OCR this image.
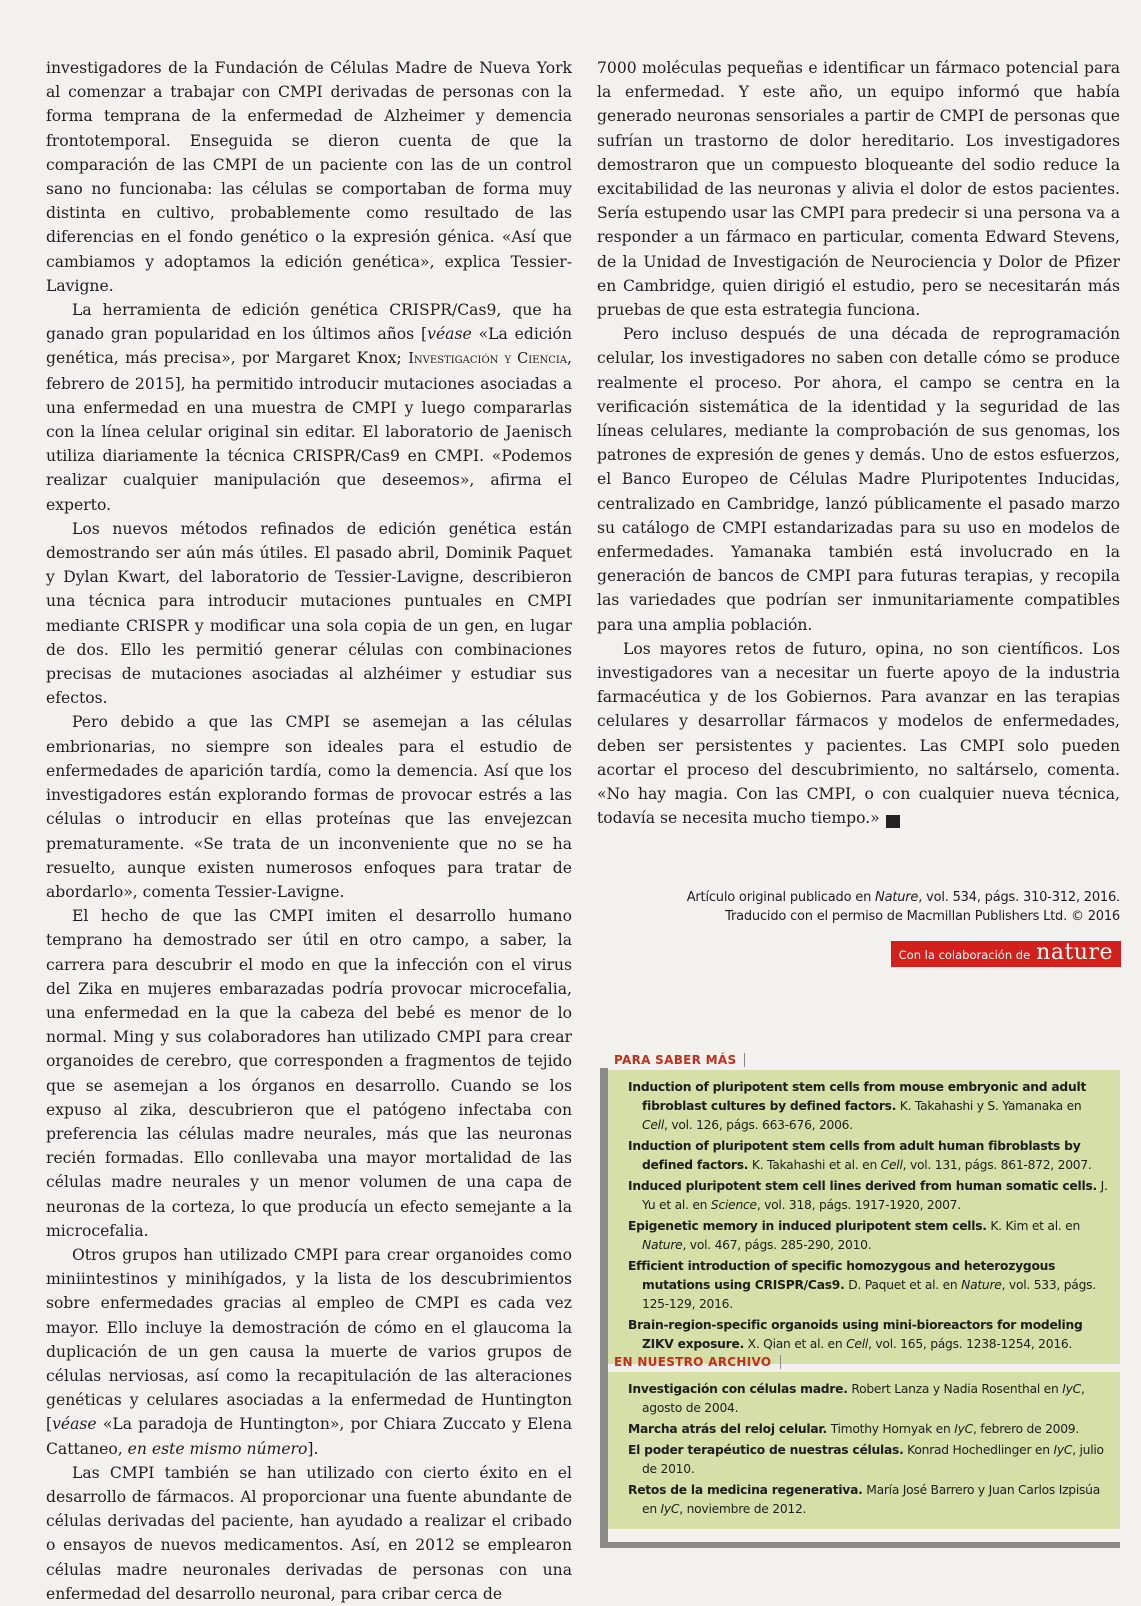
investigadores de la Fundación de Células Madre de Nueva York al comenzar a trabajar con CMPI derivadas de personas con la forma temprana de la enfermedad de Alzheimer y demencia frontotemporal. Enseguida se dieron cuenta de que la comparación de las CMPI de un paciente con las de un control sano no funcionaba: las células se comportaban de forma muy distinta en cultivo, probablemente como resultado de las diferencias en el fondo genético o la expresión génica. «Así que cambiamos y adoptamos la edición genética», explica Tessier-Lavigne.

La herramienta de edición genética CRISPR/Cas9, que ha ganado gran popularidad en los últimos años [véase «La edición genética, más precisa», por Margaret Knox; Investigación y Ciencia, febrero de 2015], ha permitido introducir mutaciones asociadas a una enfermedad en una muestra de CMPI y luego compararlas con la línea celular original sin editar. El laboratorio de Jaenisch utiliza diariamente la técnica CRISPR/Cas9 en CMPI. «Podemos realizar cualquier manipulación que deseemos», afirma el experto.

Los nuevos métodos refinados de edición genética están demostrando ser aún más útiles. El pasado abril, Dominik Paquet y Dylan Kwart, del laboratorio de Tessier-Lavigne, describieron una técnica para introducir mutaciones puntuales en CMPI mediante CRISPR y modificar una sola copia de un gen, en lugar de dos. Ello les permitió generar células con combinaciones precisas de mutaciones asociadas al alzhéimer y estudiar sus efectos.

Pero debido a que las CMPI se asemejan a las células embrionarias, no siempre son ideales para el estudio de enfermedades de aparición tardía, como la demencia. Así que los investigadores están explorando formas de provocar estrés a las células o introducir en ellas proteínas que las envejezcan prematuramente. «Se trata de un inconveniente que no se ha resuelto, aunque existen numerosos enfoques para tratar de abordarlo», comenta Tessier-Lavigne.

El hecho de que las CMPI imiten el desarrollo humano temprano ha demostrado ser útil en otro campo, a saber, la carrera para descubrir el modo en que la infección con el virus del Zika en mujeres embarazadas podría provocar microcefalia, una enfermedad en la que la cabeza del bebé es menor de lo normal. Ming y sus colaboradores han utilizado CMPI para crear organoides de cerebro, que corresponden a fragmentos de tejido que se asemejan a los órganos en desarrollo. Cuando se los expuso al zika, descubrieron que el patógeno infectaba con preferencia las células madre neurales, más que las neuronas recién formadas. Ello conllevaba una mayor mortalidad de las células madre neurales y un menor volumen de una capa de neuronas de la corteza, lo que producía un efecto semejante a la microcefalia.

Otros grupos han utilizado CMPI para crear organoides como miniintestinos y minihígados, y la lista de los descubrimientos sobre enfermedades gracias al empleo de CMPI es cada vez mayor. Ello incluye la demostración de cómo en el glaucoma la duplicación de un gen causa la muerte de varios grupos de células nerviosas, así como la recapitulación de las alteraciones genéticas y celulares asociadas a la enfermedad de Huntington [véase «La paradoja de Huntington», por Chiara Zuccato y Elena Cattaneo, en este mismo número].

Las CMPI también se han utilizado con cierto éxito en el desarrollo de fármacos. Al proporcionar una fuente abundante de células derivadas del paciente, han ayudado a realizar el cribado o ensayos de nuevos medicamentos. Así, en 2012 se emplearon células madre neuronales derivadas de personas con una enfermedad del desarrollo neuronal, para cribar cerca de

7000 moléculas pequeñas e identificar un fármaco potencial para la enfermedad. Y este año, un equipo informó que había generado neuronas sensoriales a partir de CMPI de personas que sufrían un trastorno de dolor hereditario. Los investigadores demostraron que un compuesto bloqueante del sodio reduce la excitabilidad de las neuronas y alivia el dolor de estos pacientes. Sería estupendo usar las CMPI para predecir si una persona va a responder a un fármaco en particular, comenta Edward Stevens, de la Unidad de Investigación de Neurociencia y Dolor de Pfizer en Cambridge, quien dirigió el estudio, pero se necesitarán más pruebas de que esta estrategia funciona.

Pero incluso después de una década de reprogramación celular, los investigadores no saben con detalle cómo se produce realmente el proceso. Por ahora, el campo se centra en la verificación sistemática de la identidad y la seguridad de las líneas celulares, mediante la comprobación de sus genomas, los patrones de expresión de genes y demás. Uno de estos esfuerzos, el Banco Europeo de Células Madre Pluripotentes Inducidas, centralizado en Cambridge, lanzó públicamente el pasado marzo su catálogo de CMPI estandarizadas para su uso en modelos de enfermedades. Yamanaka también está involucrado en la generación de bancos de CMPI para futuras terapias, y recopila las variedades que podrían ser inmunitariamente compatibles para una amplia población.

Los mayores retos de futuro, opina, no son científicos. Los investigadores van a necesitar un fuerte apoyo de la industria farmacéutica y de los Gobiernos. Para avanzar en las terapias celulares y desarrollar fármacos y modelos de enfermedades, deben ser persistentes y pacientes. Las CMPI solo pueden acortar el proceso del descubrimiento, no saltárselo, comenta. «No hay magia. Con las CMPI, o con cualquier nueva técnica, todavía se necesita mucho tiempo.»	IyC

Artículo original publicado en Nature, vol. 534, págs. 310-312, 2016.
Traducido con el permiso de Macmillan Publishers Ltd. © 2016
Con la colaboración de nature
PARA SABER MÁS

Induction of pluripotent stem cells from mouse embryonic and adult fibroblast cultures by defined factors. K. Takahashi y S. Yamanaka en Cell, vol. 126, págs. 663-676, 2006.

Induction of pluripotent stem cells from adult human fibroblasts by defined factors. K. Takahashi et al. en Cell, vol. 131, págs. 861-872, 2007.

Induced pluripotent stem cell lines derived from human somatic cells. J. Yu et al. en Science, vol. 318, págs. 1917-1920, 2007.

Epigenetic memory in induced pluripotent stem cells. K. Kim et al. en Nature, vol. 467, págs. 285-290, 2010.

Efficient introduction of specific homozygous and heterozygous mutations using CRISPR/Cas9. D. Paquet et al. en Nature, vol. 533, págs. 125-129, 2016.

Brain-region-specific organoids using mini-bioreactors for modeling ZIKV exposure. X. Qian et al. en Cell, vol. 165, págs. 1238-1254, 2016.

EN NUESTRO ARCHIVO

Investigación con células madre. Robert Lanza y Nadia Rosenthal en IyC, agosto de 2004.

Marcha atrás del reloj celular. Timothy Hornyak en IyC, febrero de 2009.

El poder terapéutico de nuestras células. Konrad Hochedlinger en IyC, julio de 2010.

Retos de la medicina regenerativa. María José Barrero y Juan Carlos Izpisúa en IyC, noviembre de 2012.
